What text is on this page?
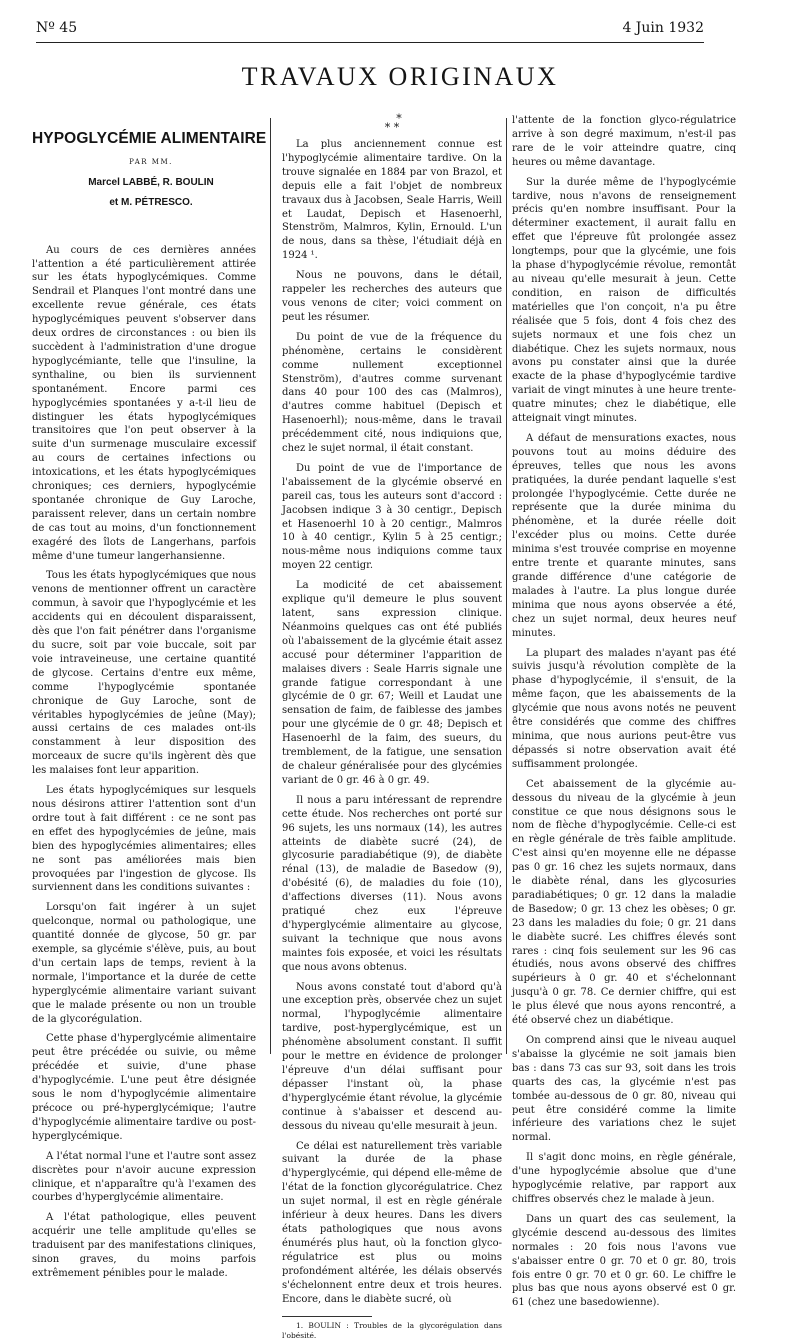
Nº 45	4 Juin 1932
TRAVAUX ORIGINAUX
HYPOGLYCÉMIE ALIMENTAIRE

PAR MM.

Marcel LABBÉ, R. BOULIN

et M. PÉTRESCO.

Au cours de ces dernières années l'attention a été particulièrement attirée sur les états hypoglycémiques. Comme Sendrail et Planques l'ont montré dans une excellente revue générale, ces états hypoglycémiques peuvent s'observer dans deux ordres de circonstances : ou bien ils succèdent à l'administration d'une drogue hypoglycémiante, telle que l'insuline, la synthaline, ou bien ils surviennent spontanément. Encore parmi ces hypoglycémies spontanées y a-t-il lieu de distinguer les états hypoglycémiques transitoires que l'on peut observer à la suite d'un surmenage musculaire excessif au cours de certaines infections ou intoxications, et les états hypoglycémiques chroniques; ces derniers, hypoglycémie spontanée chronique de Guy Laroche, paraissent relever, dans un certain nombre de cas tout au moins, d'un fonctionnement exagéré des îlots de Langerhans, parfois même d'une tumeur langerhansienne.

Tous les états hypoglycémiques que nous venons de mentionner offrent un caractère commun, à savoir que l'hypoglycémie et les accidents qui en découlent disparaissent, dès que l'on fait pénétrer dans l'organisme du sucre, soit par voie buccale, soit par voie intraveineuse, une certaine quantité de glycose. Certains d'entre eux même, comme l'hypoglycémie spontanée chronique de Guy Laroche, sont de véritables hypoglycémies de jeûne (May); aussi certains de ces malades ont-ils constamment à leur disposition des morceaux de sucre qu'ils ingèrent dès que les malaises font leur apparition.

Les états hypoglycémiques sur lesquels nous désirons attirer l'attention sont d'un ordre tout à fait différent : ce ne sont pas en effet des hypoglycémies de jeûne, mais bien des hypoglycémies alimentaires; elles ne sont pas améliorées mais bien provoquées par l'ingestion de glycose. Ils surviennent dans les conditions suivantes :

Lorsqu'on fait ingérer à un sujet quelconque, normal ou pathologique, une quantité donnée de glycose, 50 gr. par exemple, sa glycémie s'élève, puis, au bout d'un certain laps de temps, revient à la normale, l'importance et la durée de cette hyperglycémie alimentaire variant suivant que le malade présente ou non un trouble de la glycorégulation.

Cette phase d'hyperglycémie alimentaire peut être précédée ou suivie, ou même précédée et suivie, d'une phase d'hypoglycémie. L'une peut être désignée sous le nom d'hypoglycémie alimentaire précoce ou pré-hyperglycémique; l'autre d'hypoglycémie alimentaire tardive ou post-hyperglycémique.

A l'état normal l'une et l'autre sont assez discrètes pour n'avoir aucune expression clinique, et n'apparaître qu'à l'examen des courbes d'hyperglycémie alimentaire.

A l'état pathologique, elles peuvent acquérir une telle amplitude qu'elles se traduisent par des manifestations cliniques, sinon graves, du moins parfois extrêmement pénibles pour le malade.

*
* *

La plus anciennement connue est l'hypoglycémie alimentaire tardive. On la trouve signalée en 1884 par von Brazol, et depuis elle a fait l'objet de nombreux travaux dus à Jacobsen, Seale Harris, Weill et Laudat, Depisch et Hasenoerhl, Stenström, Malmros, Kylin, Ernould. L'un de nous, dans sa thèse, l'étudiait déjà en 1924 ¹.

Nous ne pouvons, dans le détail, rappeler les recherches des auteurs que vous venons de citer; voici comment on peut les résumer.

Du point de vue de la fréquence du phénomène, certains le considèrent comme nullement exceptionnel Stenström), d'autres comme survenant dans 40 pour 100 des cas (Malmros), d'autres comme habituel (Depisch et Hasenoerhl); nous-même, dans le travail précédemment cité, nous indiquions que, chez le sujet normal, il était constant.

Du point de vue de l'importance de l'abaissement de la glycémie observé en pareil cas, tous les auteurs sont d'accord : Jacobsen indique 3 à 30 centigr., Depisch et Hasenoerhl 10 à 20 centigr., Malmros 10 à 40 centigr., Kylin 5 à 25 centigr.; nous-même nous indiquions comme taux moyen 22 centigr.

La modicité de cet abaissement explique qu'il demeure le plus souvent latent, sans expression clinique. Néanmoins quelques cas ont été publiés où l'abaissement de la glycémie était assez accusé pour déterminer l'apparition de malaises divers : Seale Harris signale une grande fatigue correspondant à une glycémie de 0 gr. 67; Weill et Laudat une sensation de faim, de faiblesse des jambes pour une glycémie de 0 gr. 48; Depisch et Hasenoerhl de la faim, des sueurs, du tremblement, de la fatigue, une sensation de chaleur généralisée pour des glycémies variant de 0 gr. 46 à 0 gr. 49.

Il nous a paru intéressant de reprendre cette étude. Nos recherches ont porté sur 96 sujets, les uns normaux (14), les autres atteints de diabète sucré (24), de glycosurie paradiabétique (9), de diabète rénal (13), de maladie de Basedow (9), d'obésité (6), de maladies du foie (10), d'affections diverses (11). Nous avons pratiqué chez eux l'épreuve d'hyperglycémie alimentaire au glycose, suivant la technique que nous avons maintes fois exposée, et voici les résultats que nous avons obtenus.

Nous avons constaté tout d'abord qu'à une exception près, observée chez un sujet normal, l'hypoglycémie alimentaire tardive, post-hyperglycémique, est un phénomène absolument constant. Il suffit pour le mettre en évidence de prolonger l'épreuve d'un délai suffisant pour dépasser l'instant où, la phase d'hyperglycémie étant révolue, la glycémie continue à s'abaisser et descend au-dessous du niveau qu'elle mesurait à jeun.

Ce délai est naturellement très variable suivant la durée de la phase d'hyperglycémie, qui dépend elle-même de l'état de la fonction glycorégulatrice. Chez un sujet normal, il est en règle générale inférieur à deux heures. Dans les divers états pathologiques que nous avons énumérés plus haut, où la fonction glyco-régulatrice est plus ou moins profondément altérée, les délais observés s'échelonnent entre deux et trois heures. Encore, dans le diabète sucré, où

1. BOULIN : Troubles de la glycorégulation dans l'obésité.

l'attente de la fonction glyco-régulatrice arrive à son degré maximum, n'est-il pas rare de le voir atteindre quatre, cinq heures ou même davantage.

Sur la durée même de l'hypoglycémie tardive, nous n'avons de renseignement précis qu'en nombre insuffisant. Pour la déterminer exactement, il aurait fallu en effet que l'épreuve fût prolongée assez longtemps, pour que la glycémie, une fois la phase d'hypoglycémie révolue, remontât au niveau qu'elle mesurait à jeun. Cette condition, en raison de difficultés matérielles que l'on conçoit, n'a pu être réalisée que 5 fois, dont 4 fois chez des sujets normaux et une fois chez un diabétique. Chez les sujets normaux, nous avons pu constater ainsi que la durée exacte de la phase d'hypoglycémie tardive variait de vingt minutes à une heure trente-quatre minutes; chez le diabétique, elle atteignait vingt minutes.

A défaut de mensurations exactes, nous pouvons tout au moins déduire des épreuves, telles que nous les avons pratiquées, la durée pendant laquelle s'est prolongée l'hypoglycémie. Cette durée ne représente que la durée minima du phénomène, et la durée réelle doit l'excéder plus ou moins. Cette durée minima s'est trouvée comprise en moyenne entre trente et quarante minutes, sans grande différence d'une catégorie de malades à l'autre. La plus longue durée minima que nous ayons observée a été, chez un sujet normal, deux heures neuf minutes.

La plupart des malades n'ayant pas été suivis jusqu'à révolution complète de la phase d'hypoglycémie, il s'ensuit, de la même façon, que les abaissements de la glycémie que nous avons notés ne peuvent être considérés que comme des chiffres minima, que nous aurions peut-être vus dépassés si notre observation avait été suffisamment prolongée.

Cet abaissement de la glycémie au-dessous du niveau de la glycémie à jeun constitue ce que nous désignons sous le nom de flèche d'hypoglycémie. Celle-ci est en règle générale de très faible amplitude. C'est ainsi qu'en moyenne elle ne dépasse pas 0 gr. 16 chez les sujets normaux, dans le diabète rénal, dans les glycosuries paradiabétiques; 0 gr. 12 dans la maladie de Basedow; 0 gr. 13 chez les obèses; 0 gr. 23 dans les maladies du foie; 0 gr. 21 dans le diabète sucré. Les chiffres élevés sont rares : cinq fois seulement sur les 96 cas étudiés, nous avons observé des chiffres supérieurs à 0 gr. 40 et s'échelonnant jusqu'à 0 gr. 78. Ce dernier chiffre, qui est le plus élevé que nous ayons rencontré, a été observé chez un diabétique.

On comprend ainsi que le niveau auquel s'abaisse la glycémie ne soit jamais bien bas : dans 73 cas sur 93, soit dans les trois quarts des cas, la glycémie n'est pas tombée au-dessous de 0 gr. 80, niveau qui peut être considéré comme la limite inférieure des variations chez le sujet normal.

Il s'agit donc moins, en règle générale, d'une hypoglycémie absolue que d'une hypoglycémie relative, par rapport aux chiffres observés chez le malade à jeun.

Dans un quart des cas seulement, la glycémie descend au-dessous des limites normales : 20 fois nous l'avons vue s'abaisser entre 0 gr. 70 et 0 gr. 80, trois fois entre 0 gr. 70 et 0 gr. 60. Le chiffre le plus bas que nous ayons observé est 0 gr. 61 (chez une basedowienne).
